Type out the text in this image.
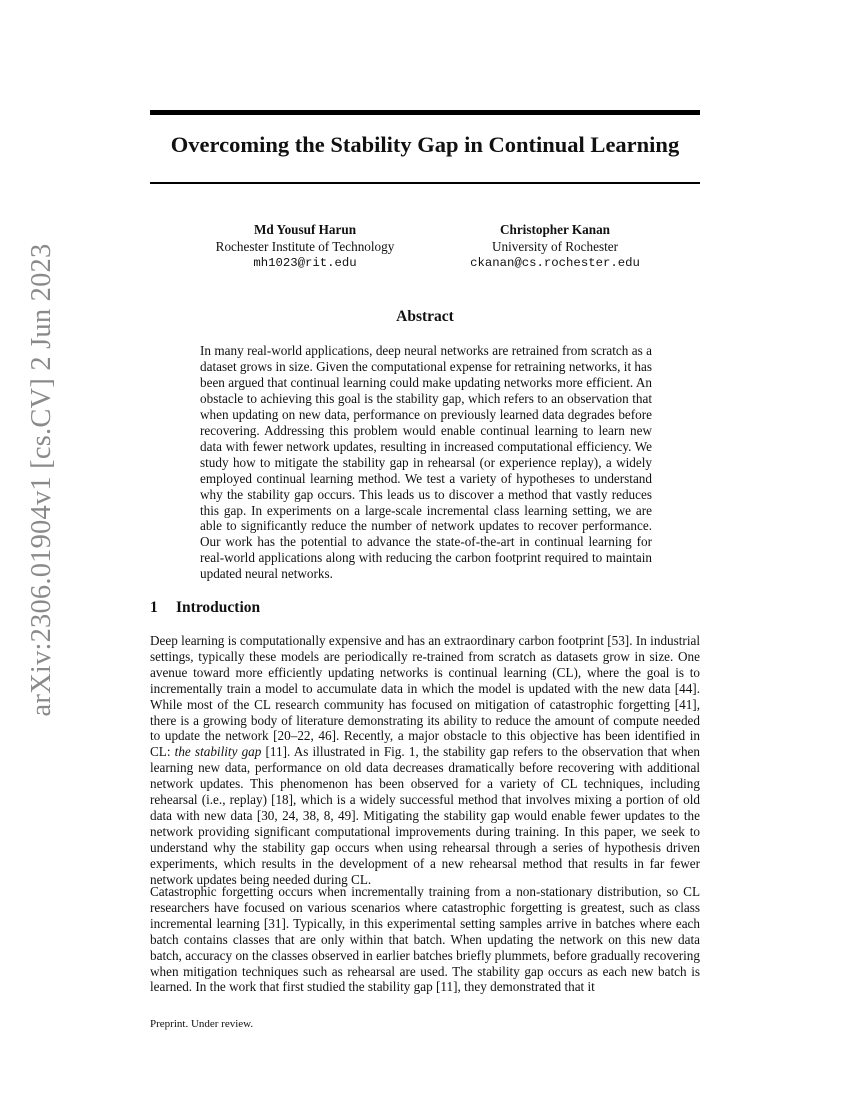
arXiv:2306.01904v1 [cs.CV] 2 Jun 2023
Overcoming the Stability Gap in Continual Learning
Md Yousuf Harun
Rochester Institute of Technology
mh1023@rit.edu
Christopher Kanan
University of Rochester
ckanan@cs.rochester.edu
Abstract

In many real-world applications, deep neural networks are retrained from scratch as a dataset grows in size. Given the computational expense for retraining networks, it has been argued that continual learning could make updating networks more efficient. An obstacle to achieving this goal is the stability gap, which refers to an observation that when updating on new data, performance on previously learned data degrades before recovering. Addressing this problem would enable continual learning to learn new data with fewer network updates, resulting in increased computational efficiency. We study how to mitigate the stability gap in rehearsal (or experience replay), a widely employed continual learning method. We test a variety of hypotheses to understand why the stability gap occurs. This leads us to discover a method that vastly reduces this gap. In experiments on a large-scale incremental class learning setting, we are able to significantly reduce the number of network updates to recover performance. Our work has the potential to advance the state-of-the-art in continual learning for real-world applications along with reducing the carbon footprint required to maintain updated neural networks.

1 Introduction

Deep learning is computationally expensive and has an extraordinary carbon footprint [53]. In industrial settings, typically these models are periodically re-trained from scratch as datasets grow in size. One avenue toward more efficiently updating networks is continual learning (CL), where the goal is to incrementally train a model to accumulate data in which the model is updated with the new data [44]. While most of the CL research community has focused on mitigation of catastrophic forgetting [41], there is a growing body of literature demonstrating its ability to reduce the amount of compute needed to update the network [20–22, 46]. Recently, a major obstacle to this objective has been identified in CL: the stability gap [11]. As illustrated in Fig. 1, the stability gap refers to the observation that when learning new data, performance on old data decreases dramatically before recovering with additional network updates. This phenomenon has been observed for a variety of CL techniques, including rehearsal (i.e., replay) [18], which is a widely successful method that involves mixing a portion of old data with new data [30, 24, 38, 8, 49]. Mitigating the stability gap would enable fewer updates to the network providing significant computational improvements during training. In this paper, we seek to understand why the stability gap occurs when using rehearsal through a series of hypothesis driven experiments, which results in the development of a new rehearsal method that results in far fewer network updates being needed during CL.

Catastrophic forgetting occurs when incrementally training from a non-stationary distribution, so CL researchers have focused on various scenarios where catastrophic forgetting is greatest, such as class incremental learning [31]. Typically, in this experimental setting samples arrive in batches where each batch contains classes that are only within that batch. When updating the network on this new data batch, accuracy on the classes observed in earlier batches briefly plummets, before gradually recovering when mitigation techniques such as rehearsal are used. The stability gap occurs as each new batch is learned. In the work that first studied the stability gap [11], they demonstrated that it

Preprint. Under review.
